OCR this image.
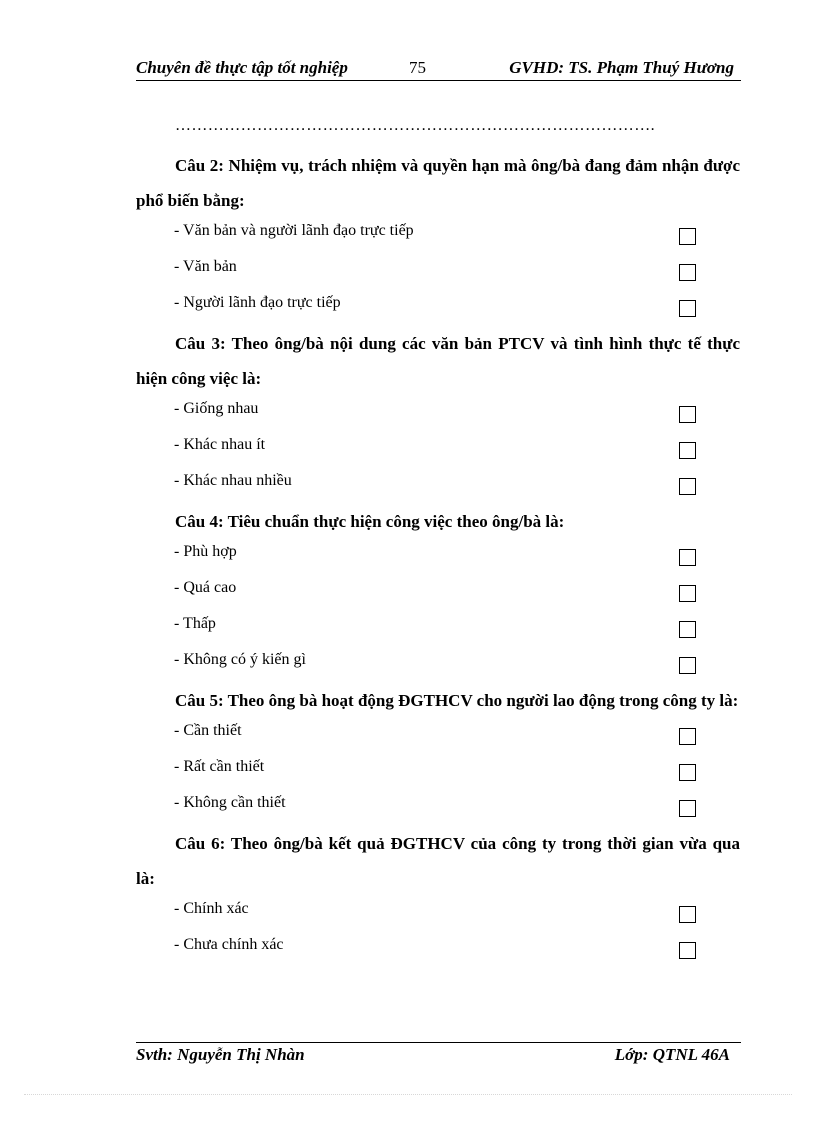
Chuyên đề thực tập tốt nghiệp	75	GVHD: TS. Phạm Thuý Hương
…………………………………………………………………………….

Câu 2: Nhiệm vụ, trách nhiệm và quyền hạn mà ông/bà đang đảm nhận được phổ biến bằng:

- Văn bản và người lãnh đạo trực tiếp
- Văn bản
- Người lãnh đạo trực tiếp

Câu 3: Theo ông/bà nội dung các văn bản PTCV và tình hình thực tế thực hiện công việc là:

- Giống nhau
- Khác nhau ít
- Khác nhau nhiều

Câu 4: Tiêu chuẩn thực hiện công việc theo ông/bà là:

- Phù hợp
- Quá cao
- Thấp
- Không có ý kiến gì

Câu 5: Theo ông bà hoạt động ĐGTHCV cho người lao động trong công ty là:

- Cần thiết
- Rất cần thiết
- Không cần thiết

Câu 6: Theo ông/bà kết quả ĐGTHCV của công ty trong thời gian vừa qua là:

- Chính xác
- Chưa chính xác
Svth: Nguyễn Thị Nhàn	Lớp: QTNL 46A
